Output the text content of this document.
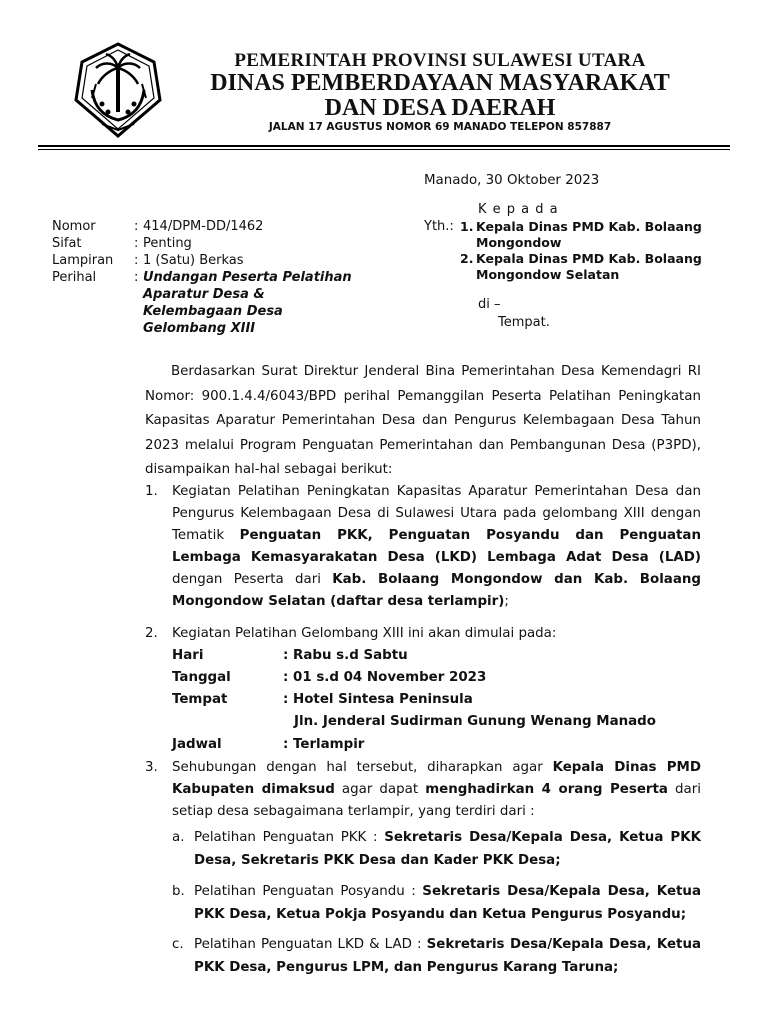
PEMERINTAH PROVINSI SULAWESI UTARA
DINAS PEMBERDAYAAN MASYARAKAT
DAN DESA DAERAH
JALAN 17 AGUSTUS NOMOR 69 MANADO TELEPON 857887
Manado, 30 Oktober 2023
K e p a d a
Yth.: 1. Kepala Dinas PMD Kab. Bolaang
Mongondow
2. Kepala Dinas PMD Kab. Bolaang
Mongondow Selatan
di –
Tempat.
Nomor	: 414/DPM-DD/1462
Sifat	: Penting
Lampiran	: 1 (Satu) Berkas
Perihal	: Undangan Peserta Pelatihan
Aparatur Desa &
Kelembagaan Desa
Gelombang XIII
Berdasarkan Surat Direktur Jenderal Bina Pemerintahan Desa Kemendagri RI Nomor: 900.1.4.4/6043/BPD perihal Pemanggilan Peserta Pelatihan Peningkatan Kapasitas Aparatur Pemerintahan Desa dan Pengurus Kelembagaan Desa Tahun 2023 melalui Program Penguatan Pemerintahan dan Pembangunan Desa (P3PD), disampaikan hal-hal sebagai berikut:
1. Kegiatan Pelatihan Peningkatan Kapasitas Aparatur Pemerintahan Desa dan Pengurus Kelembagaan Desa di Sulawesi Utara pada gelombang XIII dengan Tematik Penguatan PKK, Penguatan Posyandu dan Penguatan Lembaga Kemasyarakatan Desa (LKD) Lembaga Adat Desa (LAD) dengan Peserta dari Kab. Bolaang Mongondow dan Kab. Bolaang Mongondow Selatan (daftar desa terlampir);
2. Kegiatan Pelatihan Gelombang XIII ini akan dimulai pada:
Hari	: Rabu s.d Sabtu
Tanggal	: 01 s.d 04 November 2023
Tempat	: Hotel Sintesa Peninsula
Jln. Jenderal Sudirman Gunung Wenang Manado
Jadwal	: Terlampir
3. Sehubungan dengan hal tersebut, diharapkan agar Kepala Dinas PMD Kabupaten dimaksud agar dapat menghadirkan 4 orang Peserta dari setiap desa sebagaimana terlampir, yang terdiri dari :
a. Pelatihan Penguatan PKK : Sekretaris Desa/Kepala Desa, Ketua PKK Desa, Sekretaris PKK Desa dan Kader PKK Desa;
b. Pelatihan Penguatan Posyandu : Sekretaris Desa/Kepala Desa, Ketua PKK Desa, Ketua Pokja Posyandu dan Ketua Pengurus Posyandu;
c. Pelatihan Penguatan LKD & LAD : Sekretaris Desa/Kepala Desa, Ketua PKK Desa, Pengurus LPM, dan Pengurus Karang Taruna;
